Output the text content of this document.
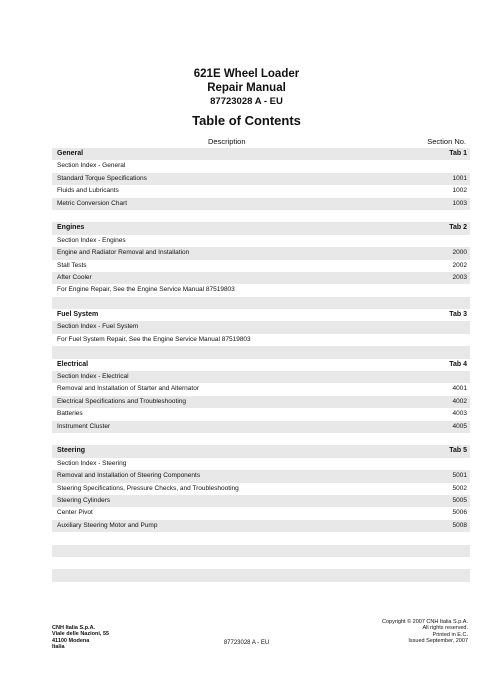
621E Wheel Loader
Repair Manual
87723028 A - EU
Table of Contents
Description	Section No.
General	Tab 1
Section Index - General
Standard Torque Specifications	1001
Fluids and Lubricants	1002
Metric Conversion Chart	1003
Engines	Tab 2
Section Index - Engines
Engine and Radiator Removal and Installation	2000
Stall Tests	2002
After Cooler	2003
For Engine Repair, See the Engine Service Manual 87519803
Fuel System	Tab 3
Section Index - Fuel System
For Fuel System Repair, See the Engine Service Manual 87519803
Electrical	Tab 4
Section Index - Electrical
Removal and Installation of Starter and Alternator	4001
Electrical Specifications and Troubleshooting	4002
Batteries	4003
Instrument Cluster	4005
Steering	Tab 5
Section Index - Steering
Removal and Installation of Steering Components	5001
Steering Specifications, Pressure Checks, and Troubleshooting	5002
Steering Cylinders	5005
Center Pivot	5006
Auxiliary Steering Motor and Pump	5008
CNH Italia S.p.A.
Viale delle Nazioni, 55
41100 Modena
Italia
87723028 A - EU
Copyright © 2007 CNH Italia S.p.A.
All rights reserved.
Printed in E.C.
Issued September, 2007
